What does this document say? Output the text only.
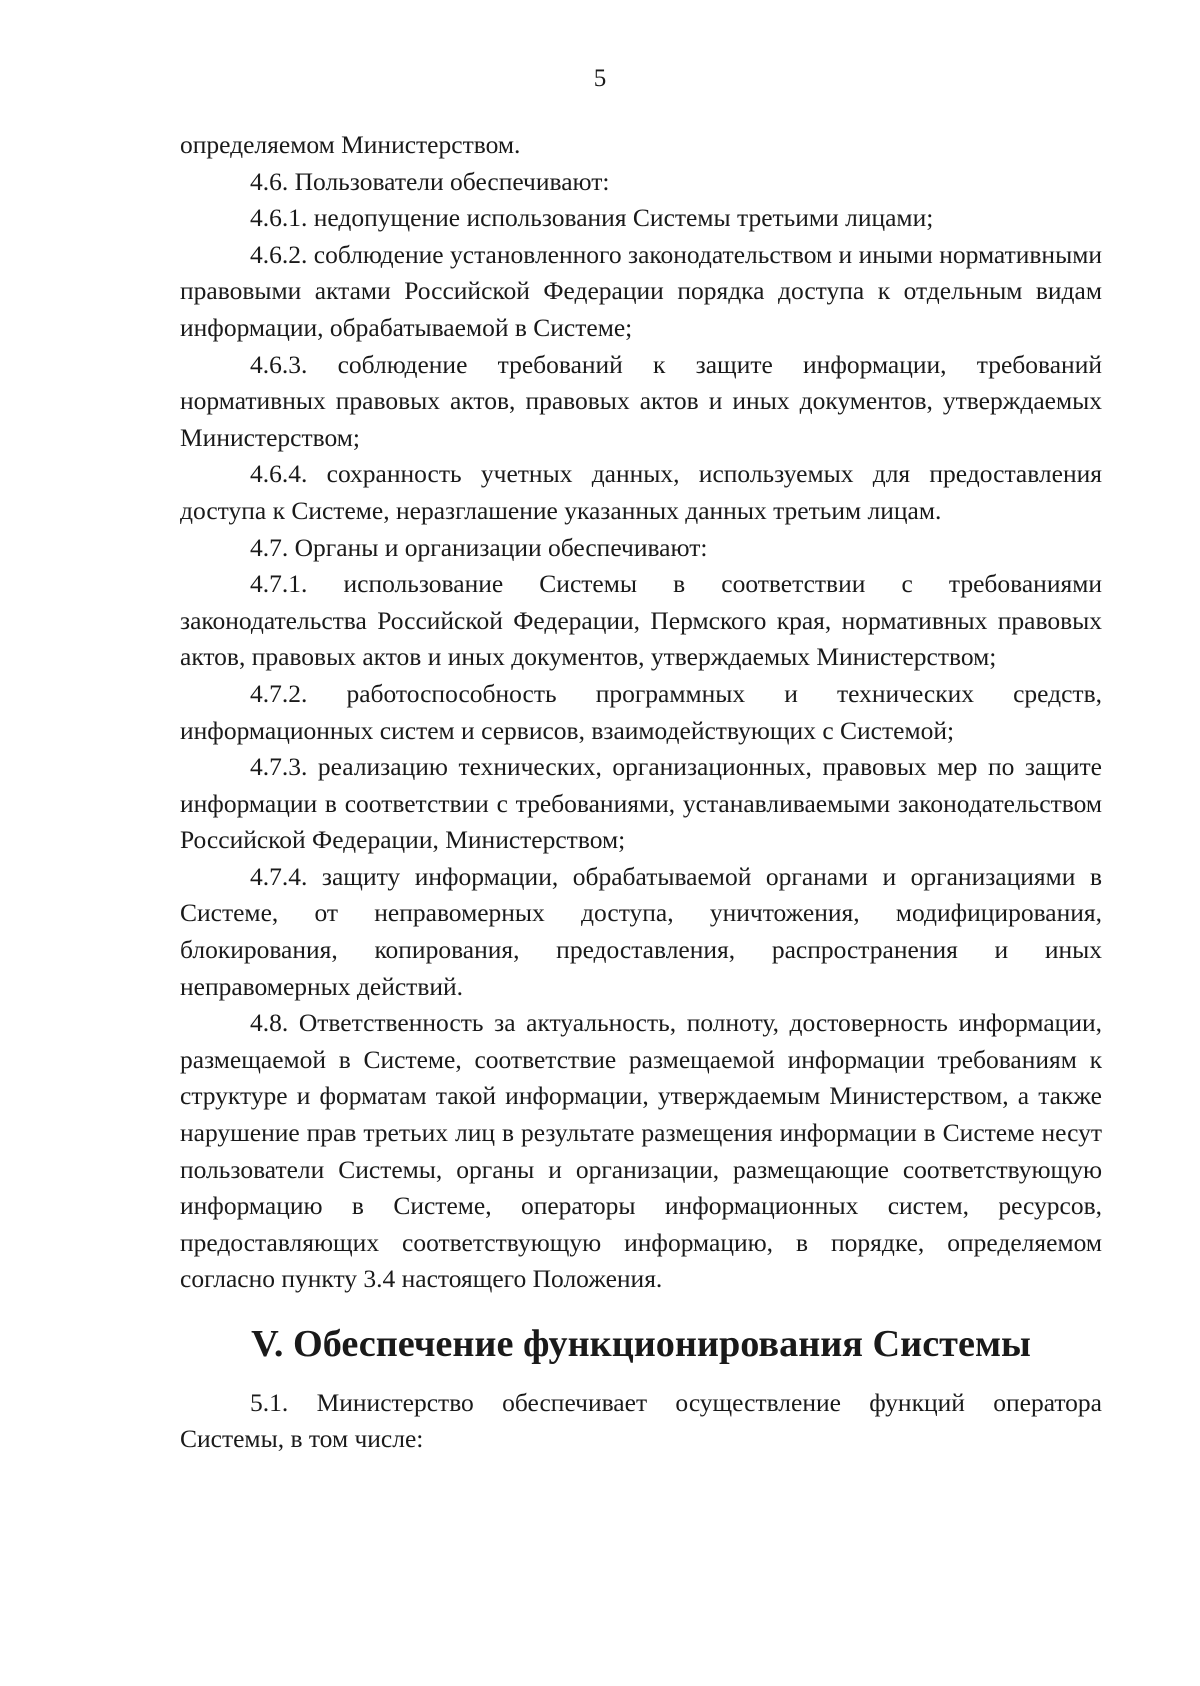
5

определяемом Министерством.

4.6. Пользователи обеспечивают:

4.6.1. недопущение использования Системы третьими лицами;

4.6.2. соблюдение установленного законодательством и иными нормативными правовыми актами Российской Федерации порядка доступа к отдельным видам информации, обрабатываемой в Системе;

4.6.3. соблюдение требований к защите информации, требований нормативных правовых актов, правовых актов и иных документов, утверждаемых Министерством;

4.6.4. сохранность учетных данных, используемых для предоставления доступа к Системе, неразглашение указанных данных третьим лицам.

4.7. Органы и организации обеспечивают:

4.7.1. использование Системы в соответствии с требованиями законодательства Российской Федерации, Пермского края, нормативных правовых актов, правовых актов и иных документов, утверждаемых Министерством;

4.7.2. работоспособность программных и технических средств, информационных систем и сервисов, взаимодействующих с Системой;

4.7.3. реализацию технических, организационных, правовых мер по защите информации в соответствии с требованиями, устанавливаемыми законодательством Российской Федерации, Министерством;

4.7.4. защиту информации, обрабатываемой органами и организациями в Системе, от неправомерных доступа, уничтожения, модифицирования, блокирования, копирования, предоставления, распространения и иных неправомерных действий.

4.8. Ответственность за актуальность, полноту, достоверность информации, размещаемой в Системе, соответствие размещаемой информации требованиям к структуре и форматам такой информации, утверждаемым Министерством, а также нарушение прав третьих лиц в результате размещения информации в Системе несут пользователи Системы, органы и организации, размещающие соответствующую информацию в Системе, операторы информационных систем, ресурсов, предоставляющих соответствующую информацию, в порядке, определяемом согласно пункту 3.4 настоящего Положения.

V. Обеспечение функционирования Системы

5.1. Министерство обеспечивает осуществление функций оператора Системы, в том числе:
